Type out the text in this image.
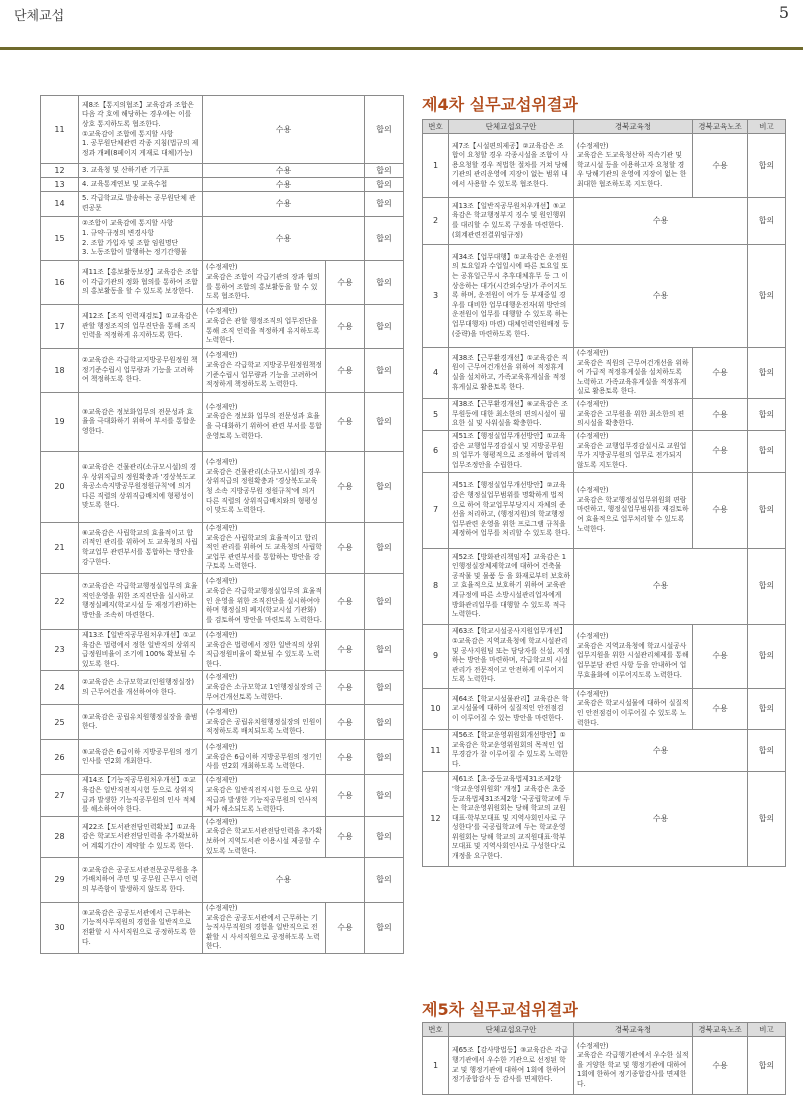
단체교섭	5
11	제8조【통지의협조】교육감과 조합은 다음 각 호에 해당하는 경우에는 이를 상호 통지하도록 협조한다.
①교육감이 조합에 통지할 사항
1. 공무원단체관련 각종 지침(법규의 제정과 개폐(8페이지 게재로 대체)가능)	수용		합의
12	3. 교육청 및 산하기관 기구표	수용		합의
13	4. 교육통계연보 및 교육수첩	수용		합의
14	5. 각급학교로 발송하는 공무원단체 관련공문	수용		합의
15	②조합이 교육감에 통지할 사항
1. 규약·규정의 변경사항
2. 조합 가입자 및 조합 임원명단
3. 노동조합이 발행하는 정기간행물	수용		합의
16	제11조【홍보활동보장】교육감은 조합이 각급기관의 정화 협의를 통하여 조합의 홍보활동을 할 수 있도록 보장한다.	(수정제안)
교육감은 조합이 각급기관의 장과 협의를 통하여 조합의 홍보활동을 할 수 있도록 협조한다.	수용	합의
17	제12조【조직 인력재검토】①교육감은 관할 행정조직의 업무진단을 통해 조직 인력을 적정하게 유지하도록 한다.	(수정제안)
교육감은 관할 행정조직의 업무진단을 통해 조직 인력을 적정하게 유지하도록 노력한다.	수용	합의
18	②교육감은 각급학교지방공무원정원 책정기준수립시 업무량과 기능을 고려하여 책정하도록 한다.	(수정제안)
교육감은 각급학교 지방공무원정원책정기준수립시 업무량과 기능을 고려하여 적정하게 책정하도록 노력한다.	수용	합의
19	③교육감은 정보화업무의 전문성과 효율을 극대화하기 위하여 부서를 통합운영한다.	(수정제안)
교육감은 정보화 업무의 전문성과 효율을 극대화하기 위하여 관련 부서를 통합운영토록 노력한다.	수용	합의
20	④교육감은 건물관리(소규모시설)의 경우 상위직급의 정원확충과 '경상북도교육공소속지방공무원정원규칙'에 의거 다른 직렬의 상위직급배치에 형평성이 맞도록 한다.	(수정제안)
교육감은 건물관리(소규모시설)의 경우 상위직급의 정원확충과 '경상북도교육청 소속 지방공무원 정원규칙'에 의거 다른 직렬의 상위직급배치와의 형평성이 맞도록 노력한다.	수용	합의
21	⑥교육감은 사립학교의 효율적이고 합리적인 관리를 위하여 도 교육청의 사립학교업무 관련부서를 통합하는 방안을 강구한다.	(수정제안)
교육감은 사립학교의 효율적이고 합리적인 관리를 위하여 도 교육청의 사립학교업무 관련부서를 통합하는 방안을 강구토록 노력한다.	수용	합의
22	⑦교육감은 각급학교행정실업무의 효율적인운영을 위한 조직진단을 실시하고 행정실폐지(학교시설 등 재정기관)하는 방안을 조속히 마련한다.	(수정제안)
교육감은 각급학교행정실업무의 효율적인 운영을 위한 조직진단을 실시하여야 하며 행정실의 폐지(학교시설 기관화)를 검토하여 방안을 마련토록 노력한다.	수용	합의
23	제13조【일반직공무원처우개선】①교육감은 법령에서 정한 일반직의 상위직급정원비율이 조기에 100% 확보될 수 있도록 한다.	(수정제안)
교육감은 법령에서 정한 일반직의 상위직급정원비율이 확보될 수 있도록 노력한다.	수용	합의
24	②교육감은 소규모학교(인원행정실장)의 근무여건을 개선하여야 한다.	(수정제안)
교육감은 소규모학교 1인행정실장의 근무여건개선토록 노력한다.	수용	합의
25	③교육감은 공립유치원행정실장을 출범한다.	(수정제안)
교육감은 공립유치원행정실장의 인원이 적정하도록 배치되도록 노력한다.	수용	합의
26	⑤교육감은 6급이하 지방공무원의 정기인사를 연2회 개최한다.	(수정제안)
교육감은 6급이하 지방공무원의 정기인사를 연2회 개최하도록 노력한다.	수용	합의
27	제14조【기능직공무원처우개선】①교육감은 일반직전직시험 등으로 상위직급과 발생한 기능직공무원의 인사 적체를 해소하여야 한다.	(수정제안)
교육감은 일반직전직시험 등으로 상위직급과 발생한 기능직공무원의 인사적체가 해소되도록 노력한다.	수용	합의
28	제22조【도서관전담인력확보】①교육감은 학교도서관전담인력을 추가확보하여 계획기간이 계약할 수 있도록 한다.	(수정제안)
교육감은 학교도서관전담인력을 추가확보하여 지역도서관 이용시설 제공할 수 있도록 노력한다.	수용	합의
29	②교육감은 공공도서관전문공무원을 추가배치하여 주민 및 공무원 근무시 인력의 부족함이 발생하지 않도록 한다.	수용		합의
30	③교육감은 공공도서관에서 근무하는 기능적사무직원의 경험을 일반직으로 전환할 시 사서직원으로 공정하도록 한다.	(수정제안)
교육감은 공공도서관에서 근무하는 기능직사무직원의 경험을 일반직으로 전환할 시 사서직원으로 공정하도록 노력한다.	수용	합의
제4차 실무교섭위결과
번호	단체교섭요구안	경북교육청	경북교육노조	비고
1	제7조【시설편의제공】②교육감은 조합이 요청할 경우 각종시설을 조합이 사용요청할 경우 적법한 절차를 거쳐 당해기관의 관리운영에 지장이 없는 범위 내에서 사용할 수 있도록 협조한다.	(수정제안)
교육감은 도교육청산하 직속기관 및 학교시설 등을 이용하고자 요청할 경우 당해기관의 운영에 지장이 없는 한 최대한 협조하도록 지도한다.	수용	합의
2	제13조【일반직공무원처우개선】⑤교육감은 학교행정부지 징수 및 원인행위를 대리할 수 있도록 구정을 마련한다. (회계관련전결위임규정)	수용		합의
3	제34조【업무대행】①교육감은 운전원의 토요일과 수업일시에 따른 토요일 또는 공휴일근무시 추후대체휴무 등 그 이 상응하는 대가(시간외수당)가 주어지도록 하며, 운전원이 여가 등 부재중일 경우를 대비한 업무대행운전자(위 방안의 운전원이 업무를 대행할 수 있도록 하는 업무대행자) 마련) 대체인력인원배정 등 (중략)을 마련하도록 한다.	수용		합의
4	제38조【근무환경개선】①교육감은 직원이 근무여건개선을 위하여 적정휴게실을 설치하고, 가족교육휴게실을 적정휴게실로 활용토록 한다.	(수정제안)
교육감은 직원의 근무여건개선을 위하여 가급적 적정휴게실을 설치하도록 노력하고 가족교육휴게실을 적정휴게실로 활용토록 한다.	수용	합의
5	제38조【근무환경개선】⑥교육감은 조무원등에 대한 최소한의 편의시설이 필요한 실 및 사워실을 확충한다.	(수정제안)
교육감은 고무원을 위한 최소한의 편의시설을 확충한다.	수용	합의
6	제51조【행정실업무개선방안】①교육감은 교행업무경감실시 및 지방공무원의 업무가 형평적으로 조정하여 합리적 업무조정안을 수립한다.	(수정제안)
교육감은 교행업무경감실시로 교원업무가 지방공무원의 업무로 전가되지 않도록 지도한다.	수용	합의
7	제51조【행정실업무개선방안】②교육감은 행정실업무범위를 명확하게 법적으로 하여 학교업무부당지시 자체의 준선을 처리하고, (행정지원)의 학교행정업무관련 운영을 위한 프로그램 규칙을 제정하여 업무를 처리할 수 있도록 한다.	(수정제안)
교육감은 학교행정실업무위원회 편람 마련하고, 행정실업무범위를 재검토하여 효율적으로 업무처리할 수 있도록 노력한다.	수용	합의
8	제52조【방화관리책임자】교육감은 1인행정실장체제학교에 대하여 건축물 공작물 및 물품 등 을 화재로부터 보호하고 효율적으로 보호하기 위하여 교육관계규정에 따른 소방시설관리업자에게 방화관리업무를 대행할 수 있도록 적극 노력한다.	수용		합의
9	제63조【학교시설공사지원업무개선】①교육감은 지역교육청에 학교시설관리 및 공사지원팀 또는 담당자를 신설, 지정하는 방안을 마련하며, 각급학교의 시설관리가 전문적이고 안전하게 이루어지도록 노력한다.	(수정제안)
교육감은 지역교육청에 학교시설공사업무지원을 위한 시설관리체제를 통해 업무분담 관련 사항 등을 안내하여 업무효율화에 이루어지도록 노력한다.	수용	합의
10	제64조【학교시설물관리】교육감은 학교시설물에 대하여 실질적인 안전점검이 이루어질 수 있는 방안을 마련한다.	(수정제안)
교육감은 학교시설물에 대하여 실질적인 안전점검이 이루어질 수 있도록 노력한다.	수용	합의
11	제56조【학교운영위원회개선방안】①교육감은 학교운영위원회의 목적인 업무경감가 잘 이루어질 수 있도록 노력한다.	수용		합의
12	제61조【초·중등교육법제31조제2항 '학교운영위원회' 개정】교육감은 초중등교육법제31조제2항 '국공립학교에 두는 학교운영위원회는 당해 학교의 교원대표·학부모대표 및 지역사회인사로 구성한다'를 국공립학교에 두는 학교운영위원회는 당해 학교의 교직원대표·학부모대표 및 지역사회인사로 구성한다'로 개정을 요구한다.	수용		합의
제5차 실무교섭위결과
번호	단체교섭요구안	경북교육청	경북교육노조	비고
1	제65조【감사방법등】③교육감은 각급행기관에서 우수한 기관으로 선정된 학교 및 행정기관에 대하여 1회에 한하여 정기종합감사 등 감사를 면제한다.	(수정제안)
교육감은 각급행기관에서 우수한 실적을 거양한 학교 및 행정기관에 대하여 1회에 한하여 정기종합감사를 면제한다.	수용	합의
